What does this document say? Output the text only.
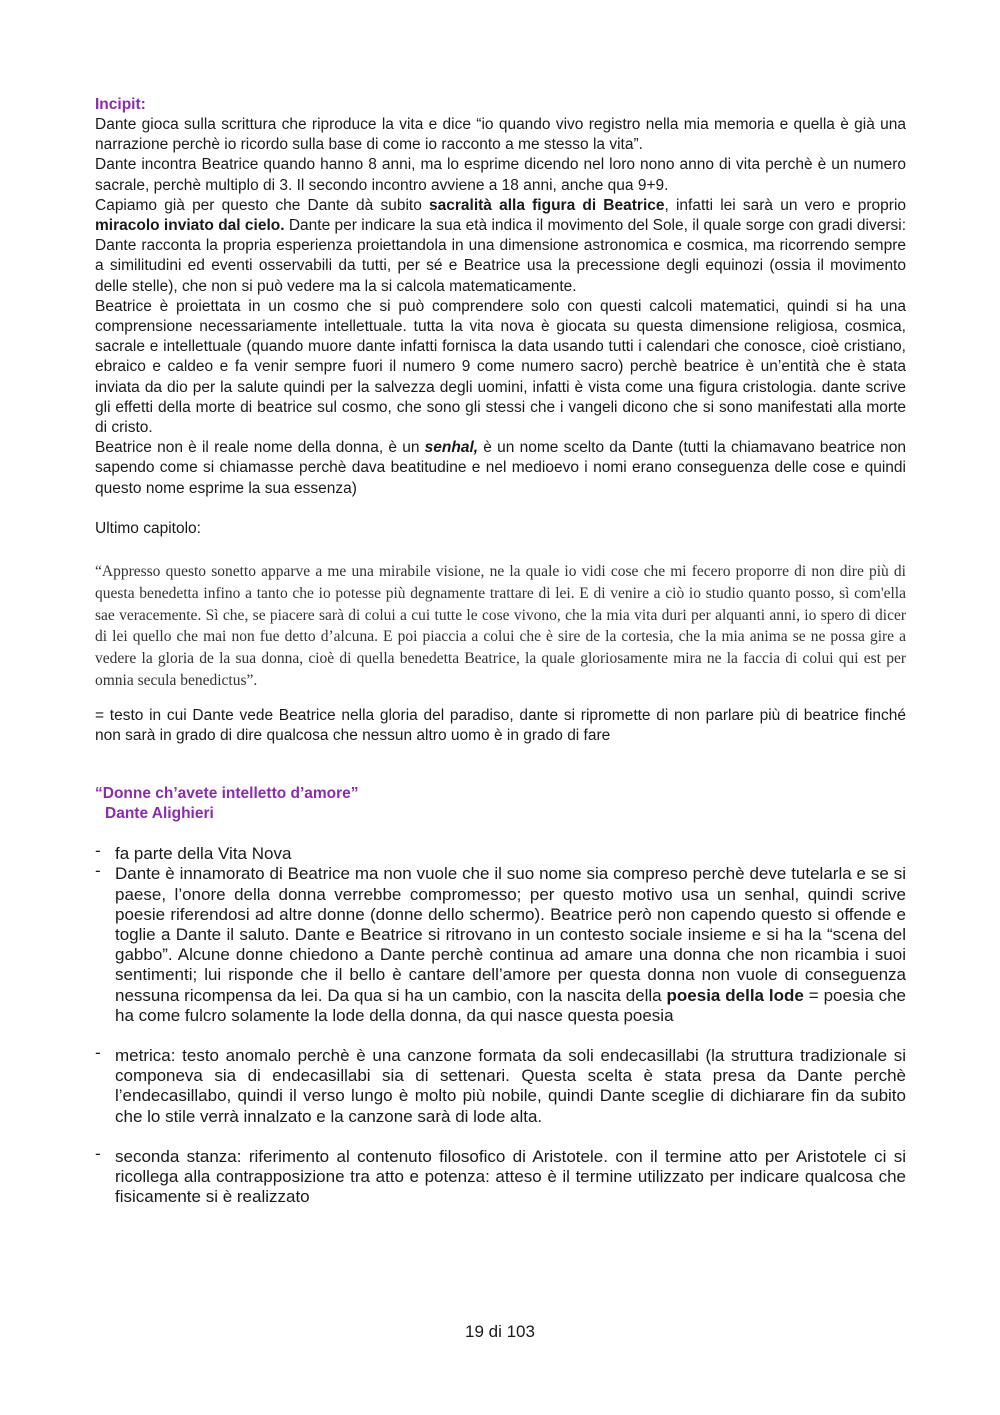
Incipit:

Dante gioca sulla scrittura che riproduce la vita e dice “io quando vivo registro nella mia memoria e quella è già una narrazione perchè io ricordo sulla base di come io racconto a me stesso la vita”.

Dante incontra Beatrice quando hanno 8 anni, ma lo esprime dicendo nel loro nono anno di vita perchè è un numero sacrale, perchè multiplo di 3. Il secondo incontro avviene a 18 anni, anche qua 9+9.

Capiamo già per questo che Dante dà subito sacralità alla figura di Beatrice, infatti lei sarà un vero e proprio miracolo inviato dal cielo. Dante per indicare la sua età indica il movimento del Sole, il quale sorge con gradi diversi: Dante racconta la propria esperienza proiettandola in una dimensione astronomica e cosmica, ma ricorrendo sempre a similitudini ed eventi osservabili da tutti, per sé e Beatrice usa la precessione degli equinozi (ossia il movimento delle stelle), che non si può vedere ma la si calcola matematicamente.

Beatrice è proiettata in un cosmo che si può comprendere solo con questi calcoli matematici, quindi si ha una comprensione necessariamente intellettuale. tutta la vita nova è giocata su questa dimensione religiosa, cosmica, sacrale e intellettuale (quando muore dante infatti fornisca la data usando tutti i calendari che conosce, cioè cristiano, ebraico e caldeo e fa venir sempre fuori il numero 9 come numero sacro) perchè beatrice è un’entità che è stata inviata da dio per la salute quindi per la salvezza degli uomini, infatti è vista come una figura cristologia. dante scrive gli effetti della morte di beatrice sul cosmo, che sono gli stessi che i vangeli dicono che si sono manifestati alla morte di cristo.

Beatrice non è il reale nome della donna, è un senhal, è un nome scelto da Dante (tutti la chiamavano beatrice non sapendo come si chiamasse perchè dava beatitudine e nel medioevo i nomi erano conseguenza delle cose e quindi questo nome esprime la sua essenza)

Ultimo capitolo:

“Appresso questo sonetto apparve a me una mirabile visione, ne la quale io vidi cose che mi fecero proporre di non dire più di questa benedetta infino a tanto che io potesse più degnamente trattare di lei. E di venire a ciò io studio quanto posso, sì com'ella sae veracemente. Sì che, se piacere sarà di colui a cui tutte le cose vivono, che la mia vita duri per alquanti anni, io spero di dicer di lei quello che mai non fue detto d’alcuna. E poi piaccia a colui che è sire de la cortesia, che la mia anima se ne possa gire a vedere la gloria de la sua donna, cioè di quella benedetta Beatrice, la quale gloriosamente mira ne la faccia di colui qui est per omnia secula benedictus”.

= testo in cui Dante vede Beatrice nella gloria del paradiso, dante si ripromette di non parlare più di beatrice finché non sarà in grado di dire qualcosa che nessun altro uomo è in grado di fare

“Donne ch’avete intelletto d’amore”
Dante Alighieri
- fa parte della Vita Nova
- Dante è innamorato di Beatrice ma non vuole che il suo nome sia compreso perchè deve tutelarla e se si paese, l’onore della donna verrebbe compromesso; per questo motivo usa un senhal, quindi scrive poesie riferendosi ad altre donne (donne dello schermo). Beatrice però non capendo questo si offende e toglie a Dante il saluto. Dante e Beatrice si ritrovano in un contesto sociale insieme e si ha la “scena del gabbo”. Alcune donne chiedono a Dante perchè continua ad amare una donna che non ricambia i suoi sentimenti; lui risponde che il bello è cantare dell’amore per questa donna non vuole di conseguenza nessuna ricompensa da lei. Da qua si ha un cambio, con la nascita della poesia della lode = poesia che ha come fulcro solamente la lode della donna, da qui nasce questa poesia
- metrica: testo anomalo perchè è una canzone formata da soli endecasillabi (la struttura tradizionale si componeva sia di endecasillabi sia di settenari. Questa scelta è stata presa da Dante perchè l’endecasillabo, quindi il verso lungo è molto più nobile, quindi Dante sceglie di dichiarare fin da subito che lo stile verrà innalzato e la canzone sarà di lode alta.
- seconda stanza: riferimento al contenuto filosofico di Aristotele. con il termine atto per Aristotele ci si ricollega alla contrapposizione tra atto e potenza: atteso è il termine utilizzato per indicare qualcosa che fisicamente si è realizzato
19 di 103
